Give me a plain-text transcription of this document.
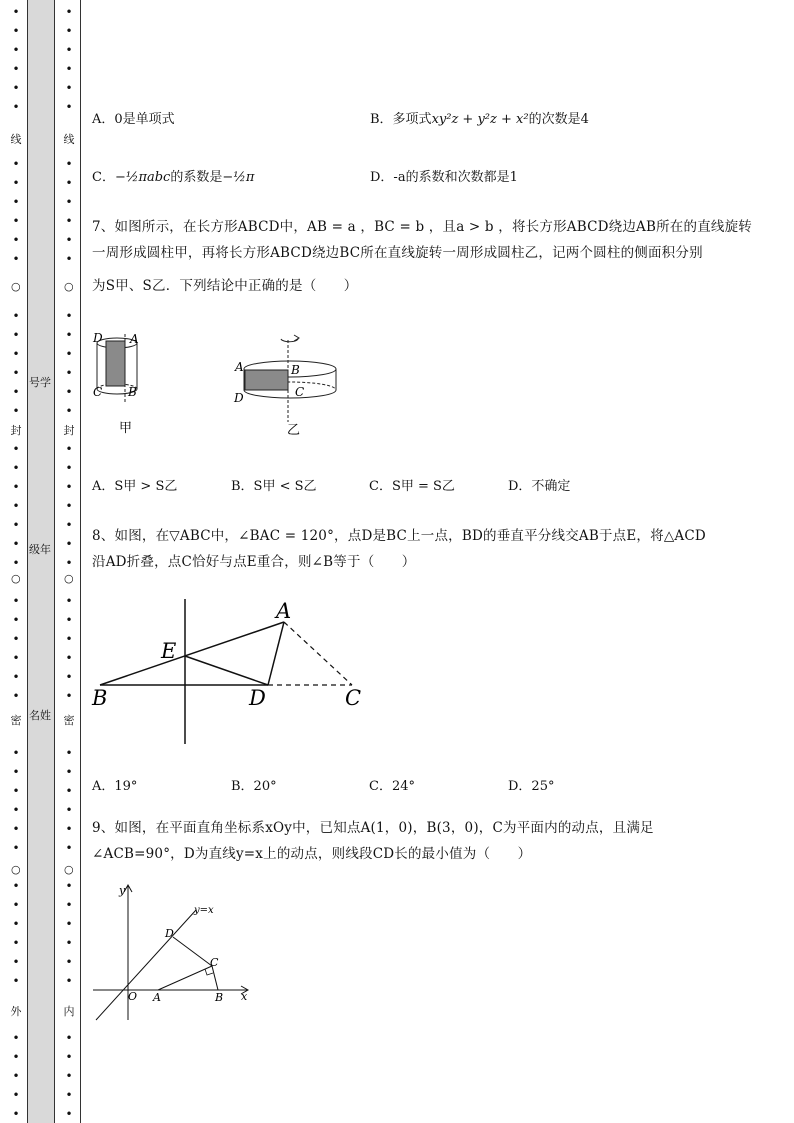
•
•
•
•
•
•
•
•
•
•
•
•
•
•
•
•
•
•
•
•
•
•
•
•
•
•
•
•
•
•
•
•
•
•
•
•
•
•
•
•
•
•
•
•
•
•
•
•
○
○
○
•
•
•
•
•
•
•
•
•
•
•
•
•
•
•
•
•
•
•
•
•
•
•
•
•
•
•
•
•
•
•
•
•
•
•
•
•
•
•
•
•
•
•
•
•
•
•
•
○
○
○
线
封
密
外
线
封
密
内
号学
级年
名姓
A．0是单项式	B．多项式xy²z + y²z + x²的次数是4
C．−½πabc的系数是−½π	D．-a的系数和次数都是1
7、如图所示，在长方形ABCD中，AB = a ，BC = b ，且a > b ，将长方形ABCD绕边AB所在的直线旋转
一周形成圆柱甲，再将长方形ABCD绕边BC所在直线旋转一周形成圆柱乙，记两个圆柱的侧面积分别
为S甲、S乙．下列结论中正确的是（　　）
D A
C B
甲
A	B
D	C
乙
A．S甲 > S乙	B．S甲 < S乙	C．S甲 = S乙	D．不确定
8、如图，在▽ABC中，∠BAC = 120°，点D是BC上一点，BD的垂直平分线交AB于点E，将△ACD
沿AD折叠，点C恰好与点E重合，则∠B等于（　　）
A
E
B	D	C
A．19°	B．20°	C．24°	D．25°
9、如图，在平面直角坐标系xOy中，已知点A(1，0)，B(3，0)，C为平面内的动点，且满足
∠ACB=90°，D为直线y=x上的动点，则线段CD长的最小值为（　　）
y
y=x
D
C
O A	B x
